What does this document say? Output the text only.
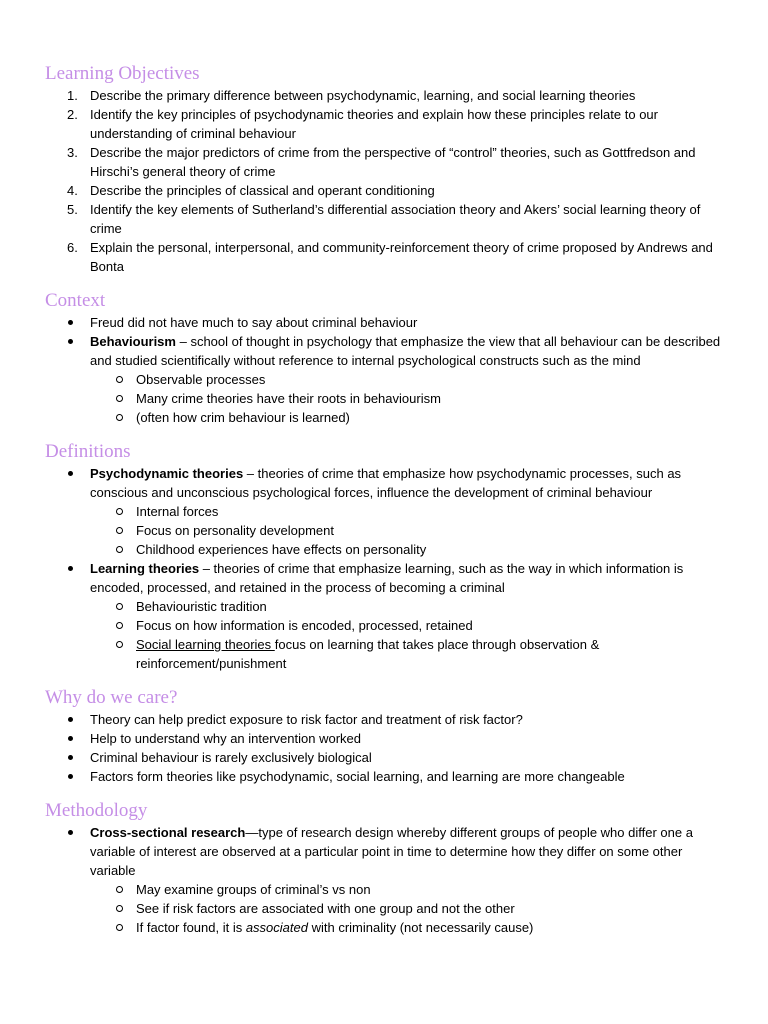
Learning Objectives
1. Describe the primary difference between psychodynamic, learning, and social learning theories
2. Identify the key principles of psychodynamic theories and explain how these principles relate to our understanding of criminal behaviour
3. Describe the major predictors of crime from the perspective of “control” theories, such as Gottfredson and Hirschi’s general theory of crime
4. Describe the principles of classical and operant conditioning
5. Identify the key elements of Sutherland’s differential association theory and Akers’ social learning theory of crime
6. Explain the personal, interpersonal, and community-reinforcement theory of crime proposed by Andrews and Bonta
Context
Freud did not have much to say about criminal behaviour
Behaviourism – school of thought in psychology that emphasize the view that all behaviour can be described and studied scientifically without reference to internal psychological constructs such as the mind
Observable processes
Many crime theories have their roots in behaviourism
(often how crim behaviour is learned)
Definitions
Psychodynamic theories – theories of crime that emphasize how psychodynamic processes, such as conscious and unconscious psychological forces, influence the development of criminal behaviour
Internal forces
Focus on personality development
Childhood experiences have effects on personality
Learning theories – theories of crime that emphasize learning, such as the way in which information is encoded, processed, and retained in the process of becoming a criminal
Behaviouristic tradition
Focus on how information is encoded, processed, retained
Social learning theories focus on learning that takes place through observation & reinforcement/punishment
Why do we care?
Theory can help predict exposure to risk factor and treatment of risk factor?
Help to understand why an intervention worked
Criminal behaviour is rarely exclusively biological
Factors form theories like psychodynamic, social learning, and learning are more changeable
Methodology
Cross-sectional research—type of research design whereby different groups of people who differ one a variable of interest are observed at a particular point in time to determine how they differ on some other variable
May examine groups of criminal’s vs non
See if risk factors are associated with one group and not the other
If factor found, it is associated with criminality (not necessarily cause)
